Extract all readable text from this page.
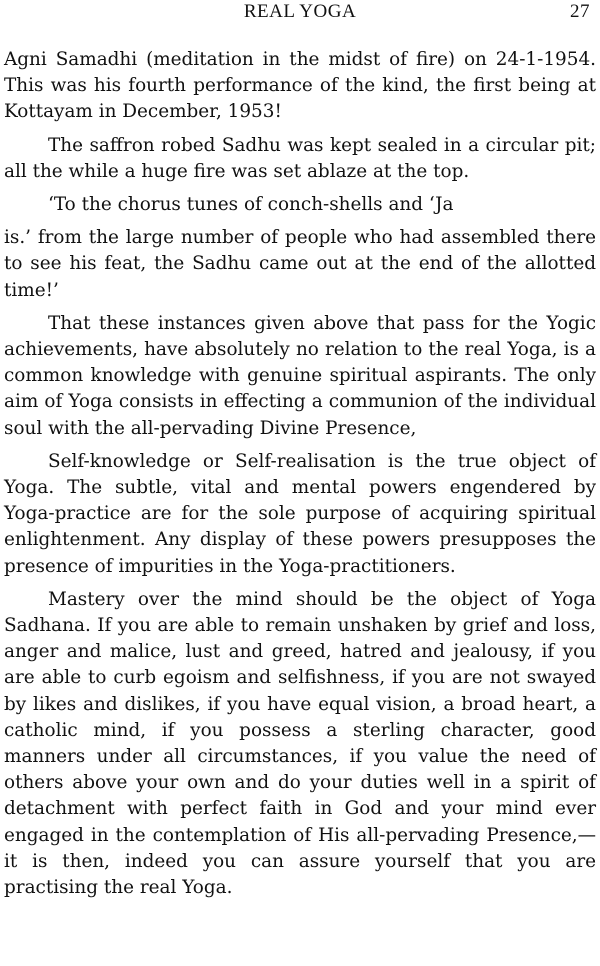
REAL YOGA	27

Agni Samadhi (meditation in the midst of fire) on 24-1-1954. This was his fourth performance of the kind, the first being at Kottayam in December, 1953!

The saffron robed Sadhu was kept sealed in a circular pit; all the while a huge fire was set ablaze at the top.

‘To the chorus tunes of conch-shells and ‘Ja

is.’ from the large number of people who had assembled there to see his feat, the Sadhu came out at the end of the allotted time!’

That these instances given above that pass for the Yogic achievements, have absolutely no relation to the real Yoga, is a common knowledge with genuine spiritual aspirants. The only aim of Yoga consists in effecting a communion of the individual soul with the all-pervading Divine Presence,

Self-knowledge or Self-realisation is the true object of Yoga. The subtle, vital and mental powers engendered by Yoga-practice are for the sole purpose of acquiring spiritual enlightenment. Any display of these powers presupposes the presence of impurities in the Yoga-practitioners.

Mastery over the mind should be the object of Yoga Sadhana. If you are able to remain unshaken by grief and loss, anger and malice, lust and greed, hatred and jealousy, if you are able to curb egoism and selfishness, if you are not swayed by likes and dislikes, if you have equal vision, a broad heart, a catholic mind, if you possess a sterling character, good manners under all circumstances, if you value the need of others above your own and do your duties well in a spirit of detachment with perfect faith in God and your mind ever engaged in the contemplation of His all-pervading Presence,—it is then, indeed you can assure yourself that you are practising the real Yoga.
